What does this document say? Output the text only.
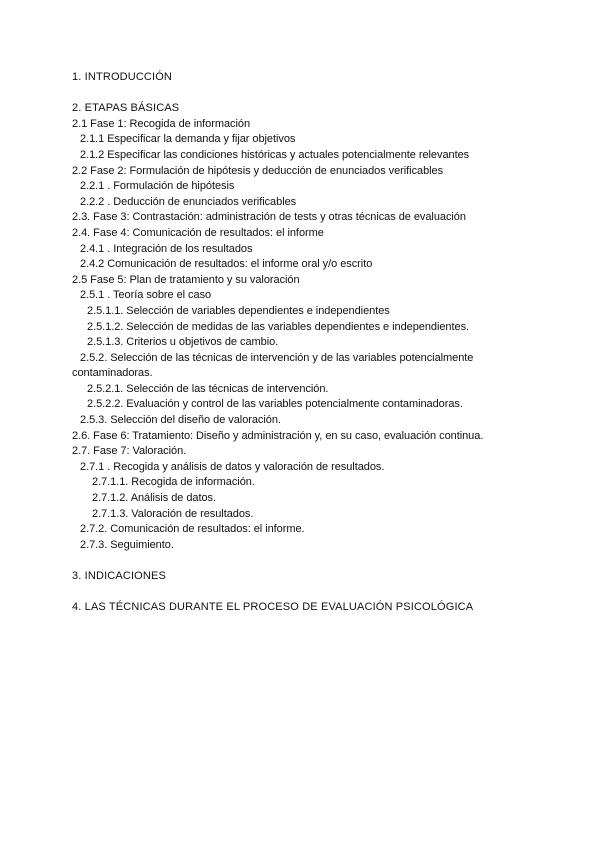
1. INTRODUCCIÓN
2. ETAPAS BÁSICAS
2.1 Fase 1: Recogida de información
2.1.1 Especificar la demanda y fijar objetivos
2.1.2 Especificar las condiciones históricas y actuales potencialmente relevantes
2.2 Fase 2: Formulación de hipótesis y deducción de enunciados verificables
2.2.1 . Formulación de hipótesis
2.2.2 . Deducción de enunciados verificables
2.3. Fase 3: Contrastación: administración de tests y otras técnicas de evaluación
2.4. Fase 4: Comunicación de resultados: el informe
2.4.1 . Integración de los resultados
2.4.2 Comunicación de resultados: el informe oral y/o escrito
2.5 Fase 5: Plan de tratamiento y su valoración
2.5.1 . Teoría sobre el caso
2.5.1.1. Selección de variables dependientes e independientes
2.5.1.2. Selección de medidas de las variables dependientes e independientes.
2.5.1.3. Criterios u objetivos de cambio.
2.5.2. Selección de las técnicas de intervención y de las variables potencialmente contaminadoras.
2.5.2.1. Selección de las técnicas de intervención.
2.5.2.2. Evaluación y control de las variables potencialmente contaminadoras.
2.5.3. Selección del diseño de valoración.
2.6. Fase 6: Tratamiento: Diseño y administración y, en su caso, evaluación continua.
2.7. Fase 7: Valoración.
2.7.1 . Recogida y análisis de datos y valoración de resultados.
2.7.1.1. Recogida de información.
2.7.1.2. Análisis de datos.
2.7.1.3. Valoración de resultados.
2.7.2. Comunicación de resultados: el informe.
2.7.3. Seguimiento.
3. INDICACIONES
4. LAS TÉCNICAS DURANTE EL PROCESO DE EVALUACIÓN PSICOLÓGICA
